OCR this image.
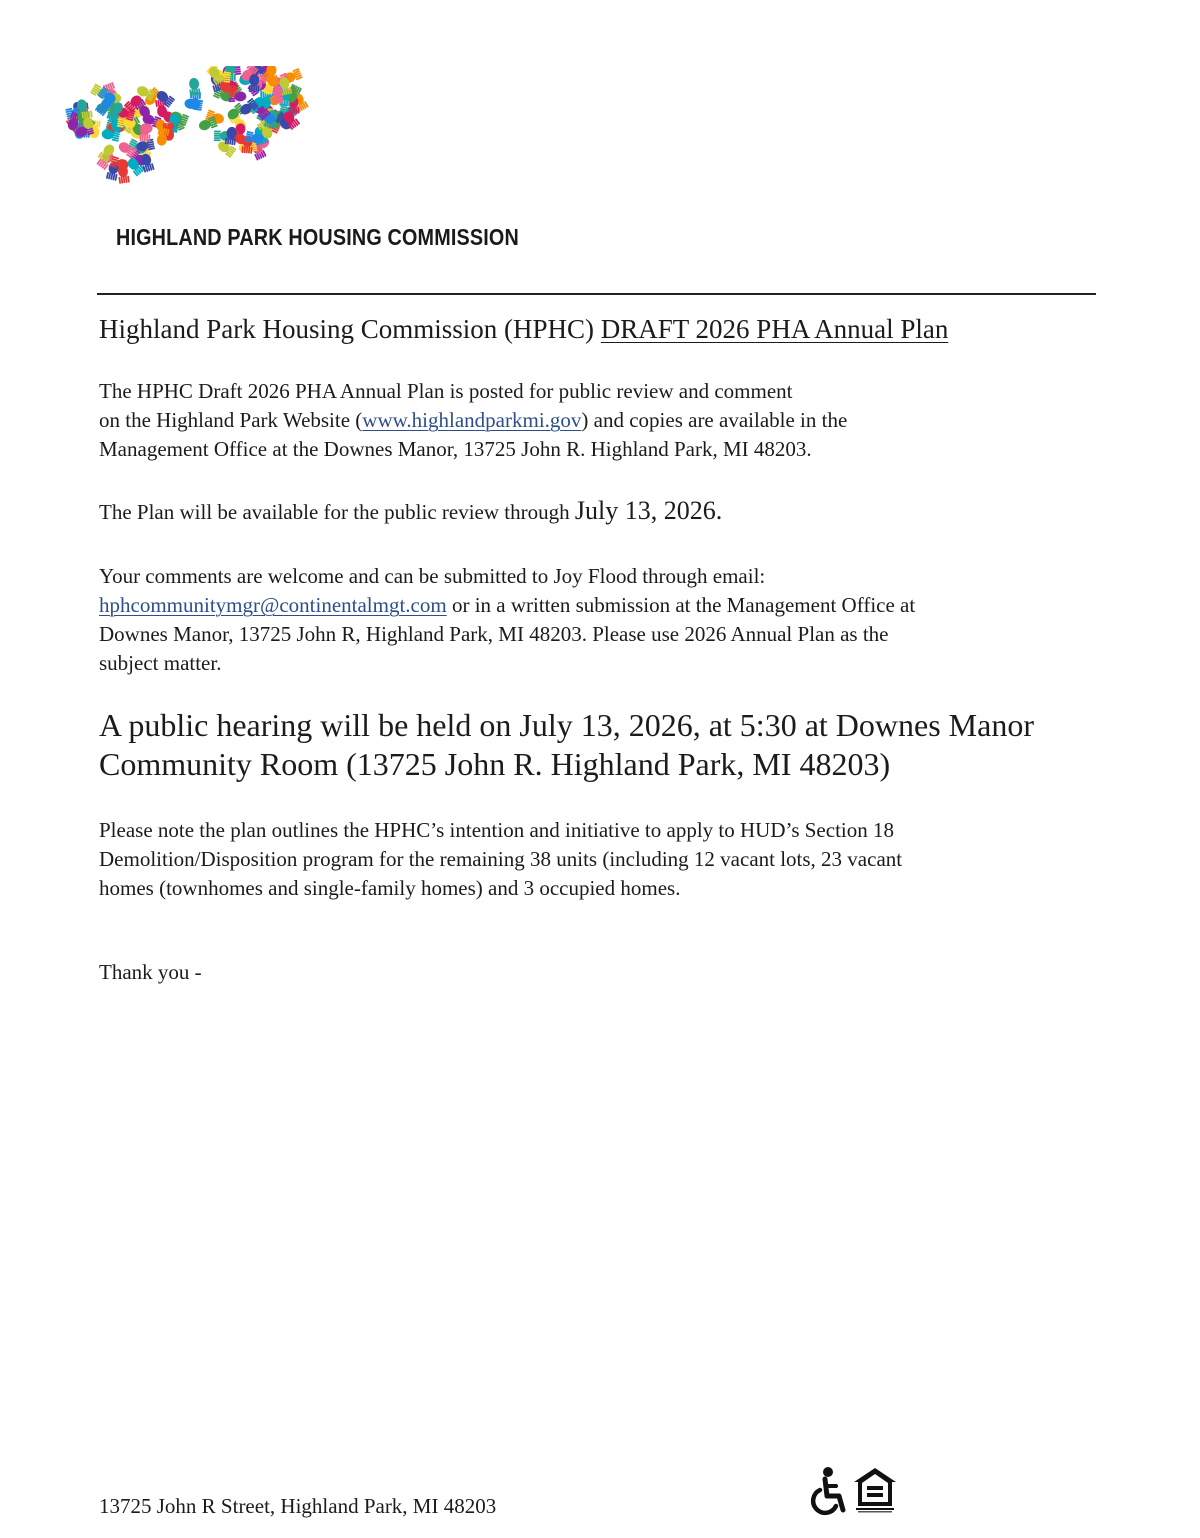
HIGHLAND PARK HOUSING COMMISSION
Highland Park Housing Commission (HPHC) DRAFT 2026 PHA Annual Plan
The HPHC Draft 2026 PHA Annual Plan is posted for public review and comment
on the Highland Park Website (www.highlandparkmi.gov) and copies are available in the
Management Office at the Downes Manor, 13725 John R. Highland Park, MI 48203.
The Plan will be available for the public review through July 13, 2026.
Your comments are welcome and can be submitted to Joy Flood through email:
hphcommunitymgr@continentalmgt.com or in a written submission at the Management Office at
Downes Manor, 13725 John R, Highland Park, MI 48203. Please use 2026 Annual Plan as the
subject matter.
A public hearing will be held on July 13, 2026, at 5:30 at Downes Manor
Community Room (13725 John R. Highland Park, MI 48203)
Please note the plan outlines the HPHC’s intention and initiative to apply to HUD’s Section 18
Demolition/Disposition program for the remaining 38 units (including 12 vacant lots, 23 vacant
homes (townhomes and single-family homes) and 3 occupied homes.
Thank you -
13725 John R Street, Highland Park, MI 48203
